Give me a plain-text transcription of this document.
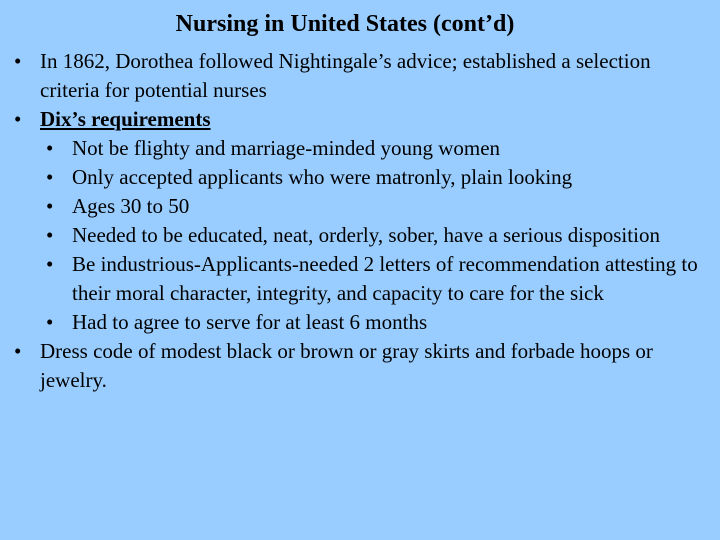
Nursing in United States (cont’d)
• In 1862, Dorothea followed Nightingale’s advice; established a selection criteria for potential nurses
• Dix’s requirements
• Not be flighty and marriage-minded young women
• Only accepted applicants who were matronly, plain looking
• Ages 30 to 50
• Needed to be educated, neat, orderly, sober, have a serious disposition
• Be industrious-Applicants-needed 2 letters of recommendation attesting to their moral character, integrity, and capacity to care for the sick
• Had to agree to serve for at least 6 months
• Dress code of modest black or brown or gray skirts and forbade hoops or jewelry.
